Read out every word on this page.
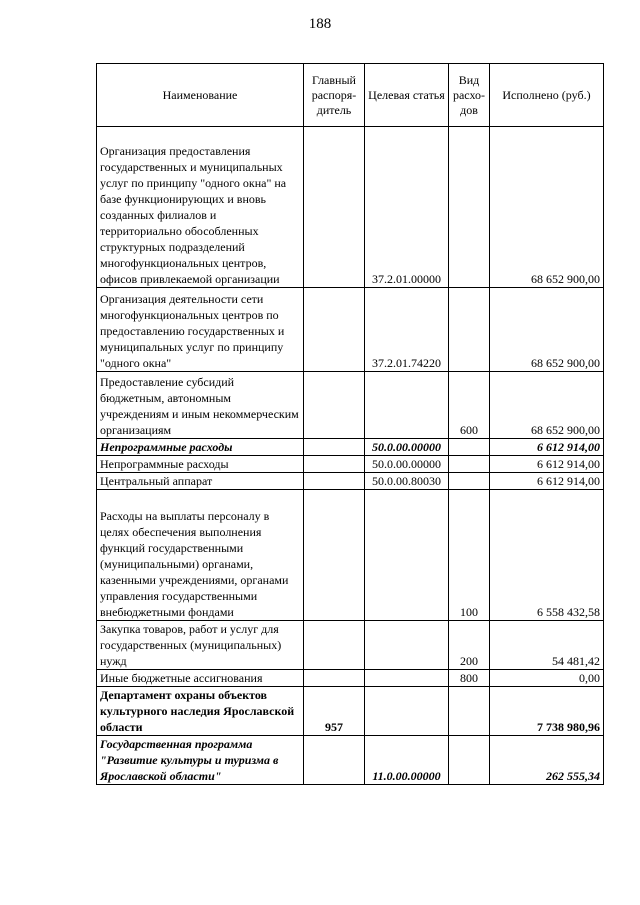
188
Наименование	Главный распоря-дитель	Целевая статья	Вид расхо-дов	Исполнено (руб.)
Организация предоставления государственных и муниципальных услуг по принципу "одного окна" на базе функционирующих и вновь созданных филиалов и территориально обособленных структурных подразделений многофункциональных центров, офисов привлекаемой организации		37.2.01.00000		68 652 900,00
Организация деятельности сети многофункциональных центров по предоставлению государственных и муниципальных услуг по принципу "одного окна"		37.2.01.74220		68 652 900,00
Предоставление субсидий бюджетным, автономным учреждениям и иным некоммерческим организациям			600	68 652 900,00
Непрограммные расходы		50.0.00.00000		6 612 914,00
Непрограммные расходы		50.0.00.00000		6 612 914,00
Центральный аппарат		50.0.00.80030		6 612 914,00
Расходы на выплаты персоналу в целях обеспечения выполнения функций государственными (муниципальными) органами, казенными учреждениями, органами управления государственными внебюджетными фондами			100	6 558 432,58
Закупка товаров, работ и услуг для государственных (муниципальных) нужд			200	54 481,42
Иные бюджетные ассигнования			800	0,00
Департамент охраны объектов культурного наследия Ярославской области	957			7 738 980,96
Государственная программа "Развитие культуры и туризма в Ярославской области"		11.0.00.00000		262 555,34
